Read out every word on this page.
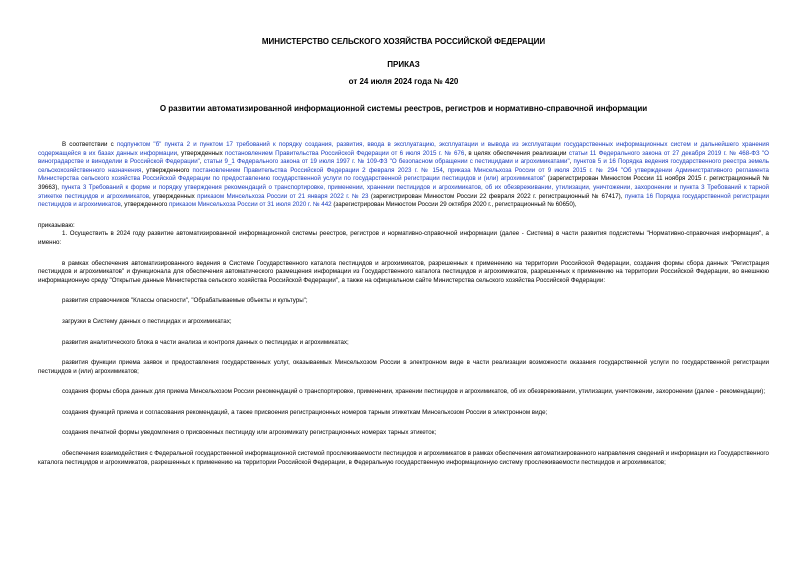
МИНИСТЕРСТВО СЕЛЬСКОГО ХОЗЯЙСТВА РОССИЙСКОЙ ФЕДЕРАЦИИ
ПРИКАЗ
от 24 июля 2024 года № 420
О развитии автоматизированной информационной системы реестров, регистров и нормативно-справочной информации

В соответствии с подпунктом "б" пункта 2 и пунктом 17 требований к порядку создания, развития, ввода в эксплуатацию, эксплуатации и вывода из эксплуатации государственных информационных систем и дальнейшего хранения содержащейся в их базах данных информации, утвержденных постановлением Правительства Российской Федерации от 6 июля 2015 г. № 676, в целях обеспечения реализации статьи 11 Федерального закона от 27 декабря 2019 г. № 468-ФЗ "О виноградарстве и виноделии в Российской Федерации", статьи 9_1 Федерального закона от 19 июля 1997 г. № 109-ФЗ "О безопасном обращении с пестицидами и агрохимикатами", пунктов 5 и 16 Порядка ведения государственного реестра земель сельскохозяйственного назначения, утвержденного постановлением Правительства Российской Федерации 2 февраля 2023 г. № 154, приказа Минсельхоза России от 9 июля 2015 г. № 294 "Об утверждении Административного регламента Министерства сельского хозяйства Российской Федерации по предоставлению государственной услуги по государственной регистрации пестицидов и (или) агрохимикатов" (зарегистрирован Минюстом России 11 ноября 2015 г. регистрационный № 39663), пункта 3 Требований к форме и порядку утверждения рекомендаций о транспортировке, применении, хранении пестицидов и агрохимикатов, об их обезвреживании, утилизации, уничтожении, захоронении и пункта 3 Требований к тарной этикетке пестицидов и агрохимикатов, утвержденных приказом Минсельхоза России от 21 января 2022 г. № 23 (зарегистрирован Минюстом России 22 февраля 2022 г. регистрационный № 67417), пункта 16 Порядка государственной регистрации пестицидов и агрохимикатов, утвержденного приказом Минсельхоза России от 31 июля 2020 г. № 442 (зарегистрирован Минюстом России 29 октября 2020 г., регистрационный № 60650),

приказываю:

1. Осуществить в 2024 году развитие автоматизированной информационной системы реестров, регистров и нормативно-справочной информации (далее - Система) в части развития подсистемы "Нормативно-справочная информация", а именно:

в рамках обеспечения автоматизированного ведения в Системе Государственного каталога пестицидов и агрохимикатов, разрешенных к применению на территории Российской Федерации, создания формы сбора данных "Регистрация пестицидов и агрохимикатов" и функционала для обеспечения автоматического размещения информации из Государственного каталога пестицидов и агрохимикатов, разрешенных к применению на территории Российской Федерации, во внешнюю информационную среду "Открытые данные Министерства сельского хозяйства Российской Федерации", а также на официальном сайте Министерства сельского хозяйства Российской Федерации:

развития справочников "Классы опасности", "Обрабатываемые объекты и культуры";

загрузки в Систему данных о пестицидах и агрохимикатах;

развития аналитического блока в части анализа и контроля данных о пестицидах и агрохимикатах;

развития функции приема заявок и предоставления государственных услуг, оказываемых Минсельхозом России в электронном виде в части реализации возможности оказания государственной услуги по государственной регистрации пестицидов и (или) агрохимикатов;

создания формы сбора данных для приема Минсельхозом России рекомендаций о транспортировке, применении, хранении пестицидов и агрохимикатов, об их обезвреживании, утилизации, уничтожении, захоронении (далее - рекомендации);

создания функций приема и согласования рекомендаций, а также присвоения регистрационных номеров тарным этикеткам Минсельхозом России в электронном виде;

создания печатной формы уведомления о присвоенных пестициду или агрохимикату регистрационных номерах тарных этикеток;

обеспечения взаимодействия с Федеральной государственной информационной системой прослеживаемости пестицидов и агрохимикатов в рамках обеспечения автоматизированного направления сведений и информации из Государственного каталога пестицидов и агрохимикатов, разрешенных к применению на территории Российской Федерации, в Федеральную государственную информационную систему прослеживаемости пестицидов и агрохимикатов;
